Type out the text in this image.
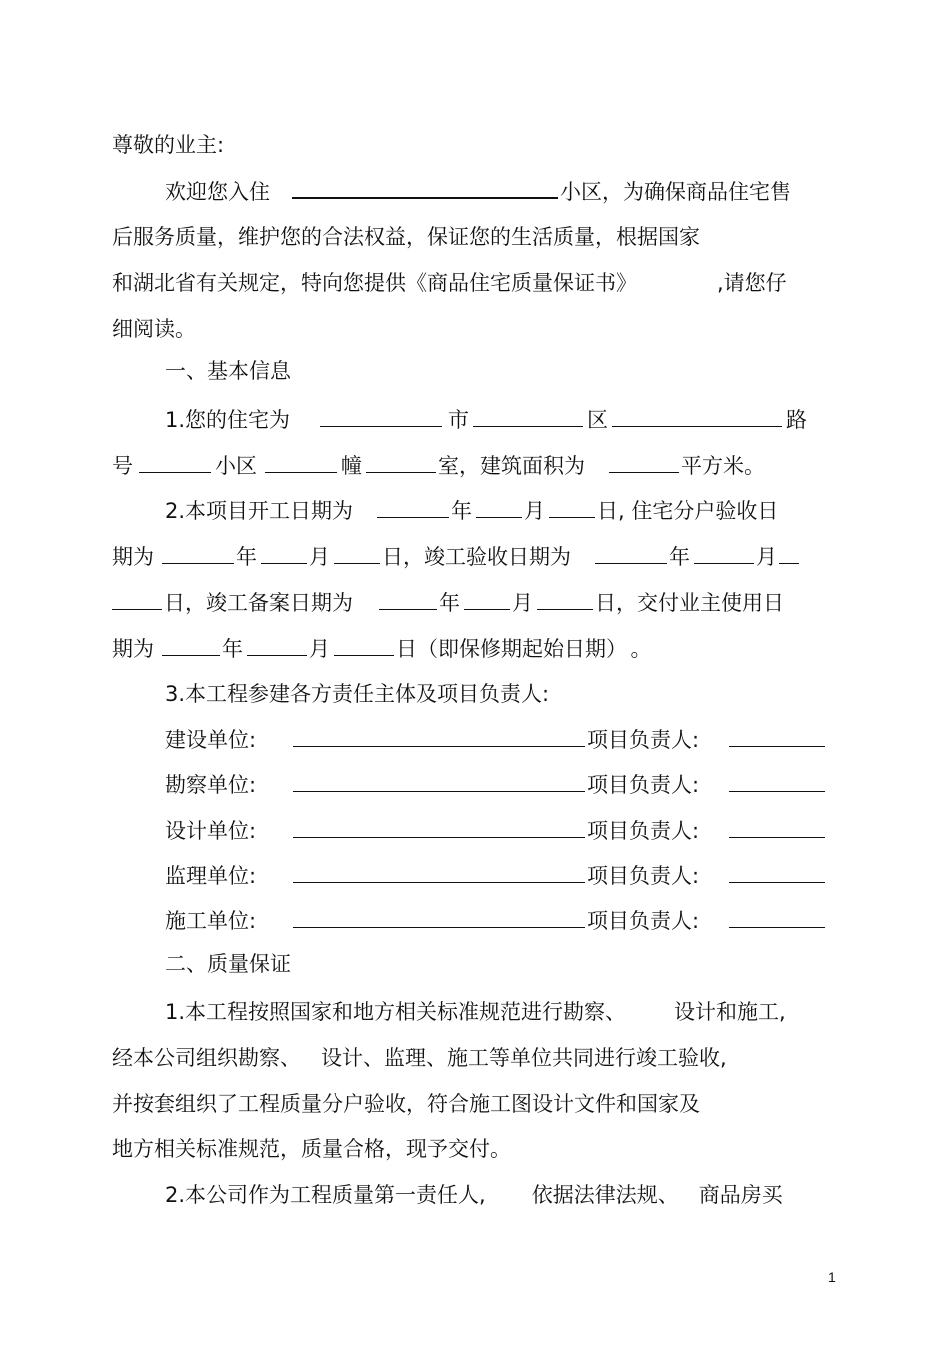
尊敬的业主:
欢迎您入住	小区，为确保商品住宅售
后服务质量，维护您的合法权益，保证您的生活质量，根据国家
和湖北省有关规定，特向您提供《商品住宅质量保证书》	,请您仔
细阅读。
一、基本信息
1.您的住宅为	市	区	路
号	小区	幢	室，建筑面积为	平方米。
2.本项目开工日期为	年 月 日, 住宅分户验收日
期为	年 月 日，竣工验收日期为	年	月
日，竣工备案日期为	年 月	日，交付业主使用日
期为	年	月	日（即保修期起始日期） 。
3.本工程参建各方责任主体及项目负责人:
建设单位:	项目负责人:
勘察单位:	项目负责人:
设计单位:	项目负责人:
监理单位:	项目负责人:
施工单位:	项目负责人:
二、质量保证
1.本工程按照国家和地方相关标准规范进行勘察、 设计和施工,
经本公司组织勘察、 设计、监理、施工等单位共同进行竣工验收,
并按套组织了工程质量分户验收，符合施工图设计文件和国家及
地方相关标准规范，质量合格，现予交付。
2.本公司作为工程质量第一责任人, 依据法律法规、 商品房买
1
